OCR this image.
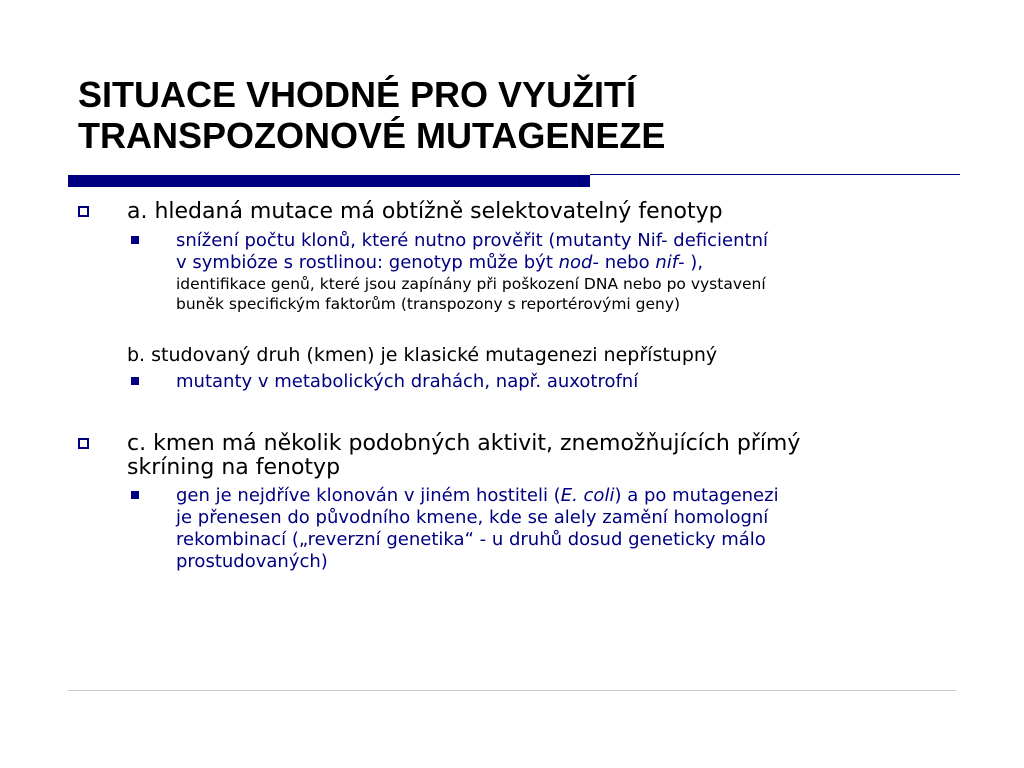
SITUACE VHODNÉ PRO VYUŽITÍ
TRANSPOZONOVÉ MUTAGENEZE
a. hledaná mutace má obtížně selektovatelný fenotyp
snížení počtu klonů, které nutno prověřit (mutanty Nif- deficientní
v symbióze s rostlinou: genotyp může být nod- nebo nif- ),
identifikace genů, které jsou zapínány při poškození DNA nebo po vystavení
buněk specifickým faktorům (transpozony s reportérovými geny)
b. studovaný druh (kmen) je klasické mutagenezi nepřístupný
mutanty v metabolických drahách, např. auxotrofní
c. kmen má několik podobných aktivit, znemožňujících přímý
skríning na fenotyp
gen je nejdříve klonován v jiném hostiteli (E. coli) a po mutagenezi
je přenesen do původního kmene, kde se alely zamění homologní
rekombinací („reverzní genetika“ - u druhů dosud geneticky málo
prostudovaných)
